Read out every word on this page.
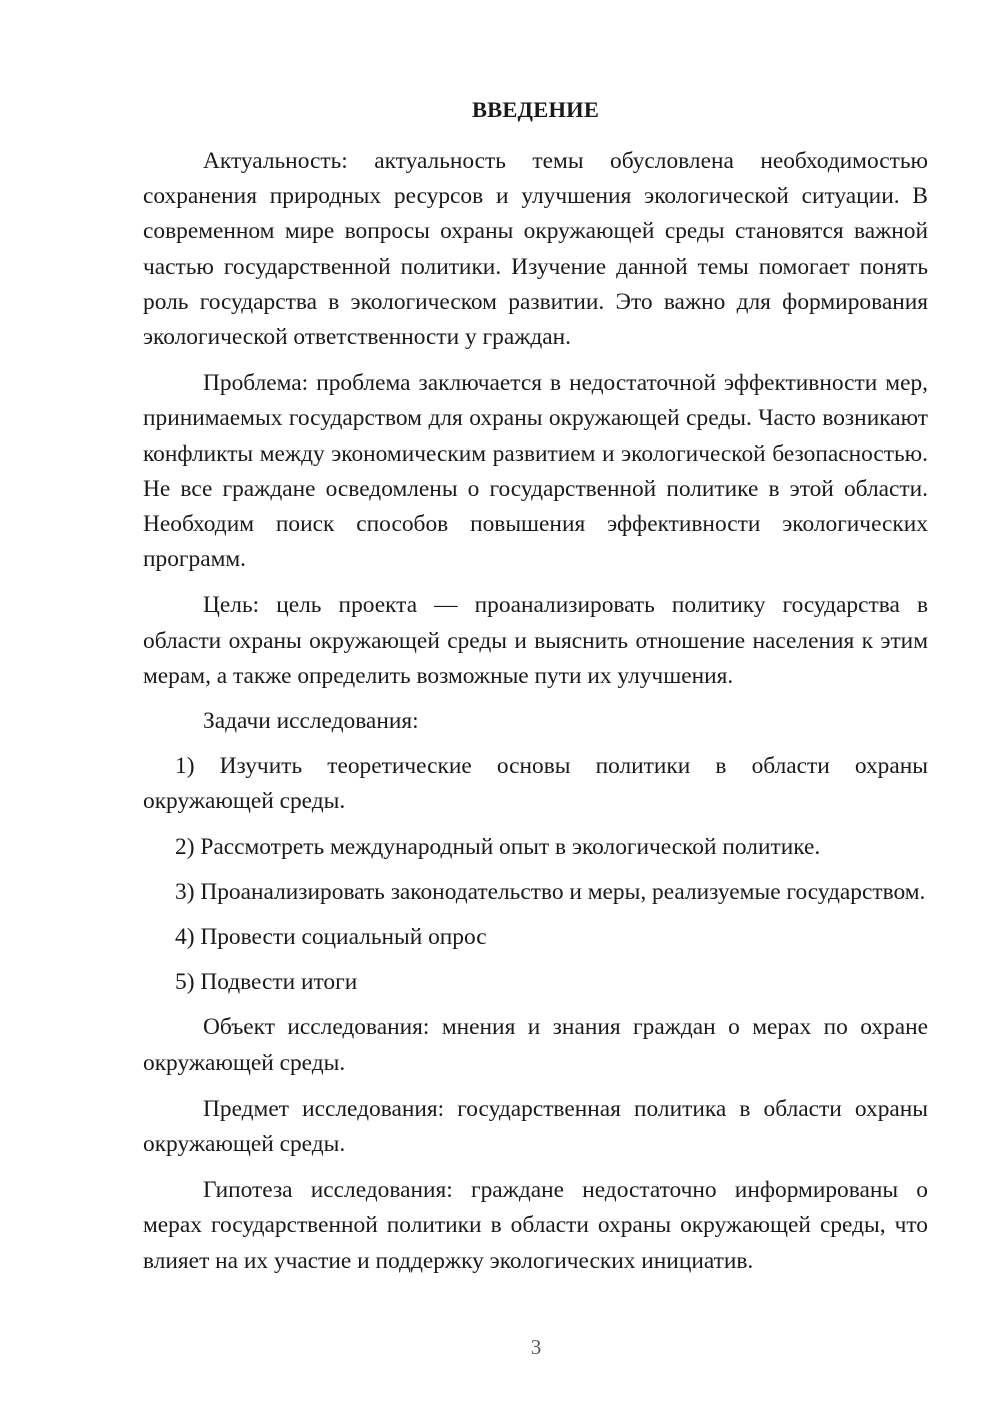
ВВЕДЕНИЕ

Актуальность: актуальность темы обусловлена необходимостью сохранения природных ресурсов и улучшения экологической ситуации. В современном мире вопросы охраны окружающей среды становятся важной частью государственной политики. Изучение данной темы помогает понять роль государства в экологическом развитии. Это важно для формирования экологической ответственности у граждан.

Проблема: проблема заключается в недостаточной эффективности мер, принимаемых государством для охраны окружающей среды. Часто возникают конфликты между экономическим развитием и экологической безопасностью. Не все граждане осведомлены о государственной политике в этой области. Необходим поиск способов повышения эффективности экологических программ.

Цель: цель проекта — проанализировать политику государства в области охраны окружающей среды и выяснить отношение населения к этим мерам, а также определить возможные пути их улучшения.

Задачи исследования:

1) Изучить теоретические основы политики в области охраны окружающей среды.

2) Рассмотреть международный опыт в экологической политике.

3) Проанализировать законодательство и меры, реализуемые государством.

4) Провести социальный опрос

5) Подвести итоги

Объект исследования: мнения и знания граждан о мерах по охране окружающей среды.

Предмет исследования: государственная политика в области охраны окружающей среды.

Гипотеза исследования: граждане недостаточно информированы о мерах государственной политики в области охраны окружающей среды, что влияет на их участие и поддержку экологических инициатив.

3
